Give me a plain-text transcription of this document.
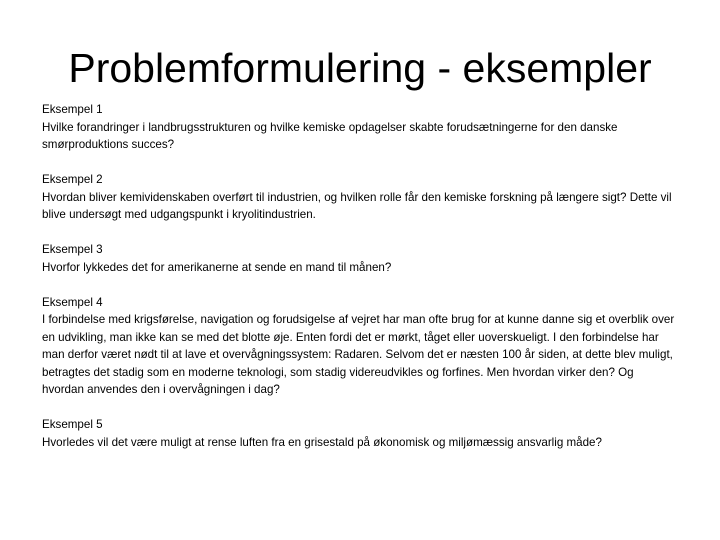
Problemformulering - eksempler
Eksempel 1
Hvilke forandringer i landbrugsstrukturen og hvilke kemiske opdagelser skabte forudsætningerne for den danske smørproduktions succes?
Eksempel 2
Hvordan bliver kemividenskaben overført til industrien, og hvilken rolle får den kemiske forskning på længere sigt? Dette vil blive undersøgt med udgangspunkt i kryolitindustrien.
Eksempel 3
Hvorfor lykkedes det for amerikanerne at sende en mand til månen?
Eksempel 4
I forbindelse med krigsførelse, navigation og forudsigelse af vejret har man ofte brug for at kunne danne sig et overblik over en udvikling, man ikke kan se med det blotte øje. Enten fordi det er mørkt, tåget eller uoverskueligt. I den forbindelse har man derfor været nødt til at lave et overvågningssystem: Radaren. Selvom det er næsten 100 år siden, at dette blev muligt, betragtes det stadig som en moderne teknologi, som stadig videreudvikles og forfines. Men hvordan virker den? Og hvordan anvendes den i overvågningen i dag?
Eksempel 5
Hvorledes vil det være muligt at rense luften fra en grisestald på økonomisk og miljømæssig ansvarlig måde?
